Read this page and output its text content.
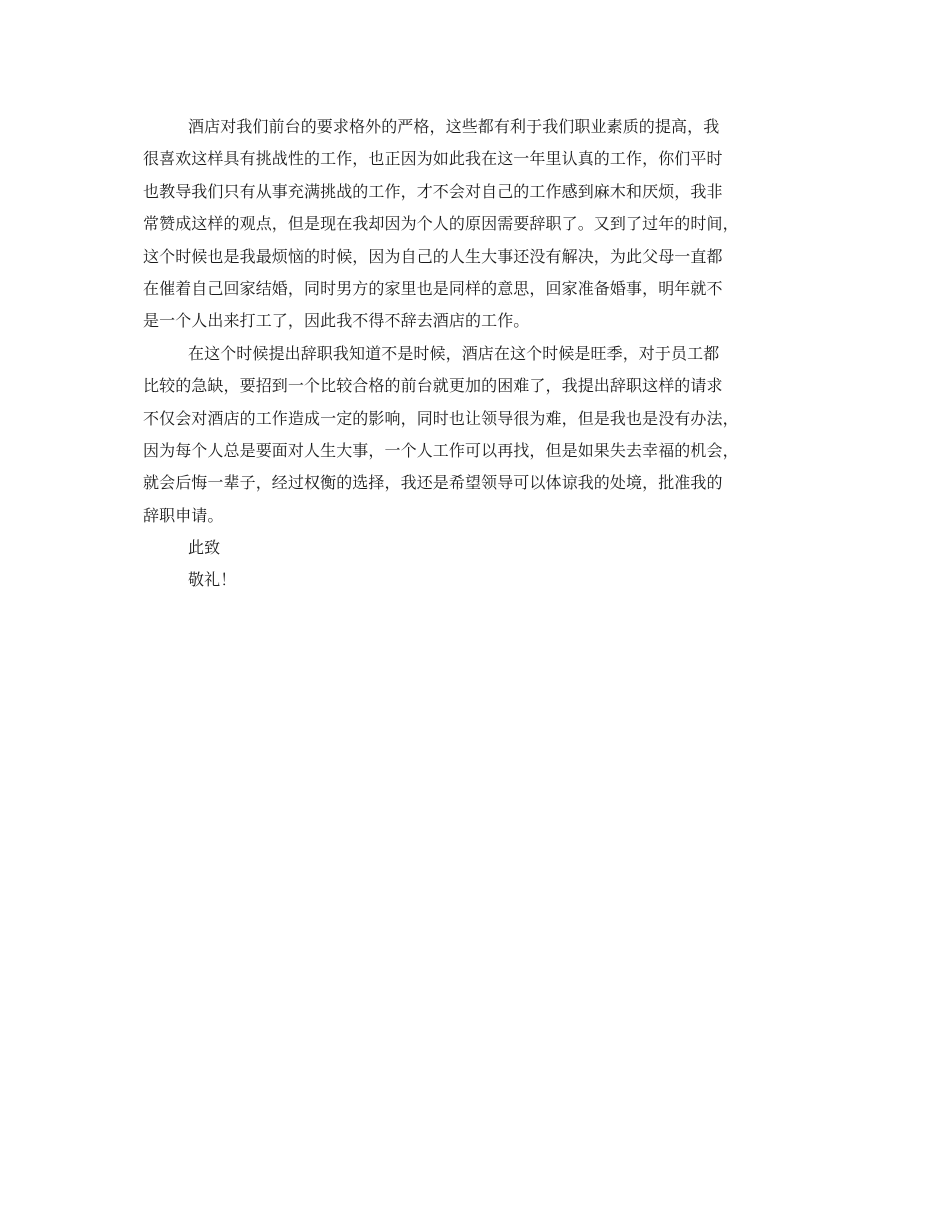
酒店对我们前台的要求格外的严格，这些都有利于我们职业素质的提高，我
很喜欢这样具有挑战性的工作，也正因为如此我在这一年里认真的工作，你们平时
也教导我们只有从事充满挑战的工作，才不会对自己的工作感到麻木和厌烦，我非
常赞成这样的观点，但是现在我却因为个人的原因需要辞职了。又到了过年的时间，
这个时候也是我最烦恼的时候，因为自己的人生大事还没有解决，为此父母一直都
在催着自己回家结婚，同时男方的家里也是同样的意思，回家准备婚事，明年就不
是一个人出来打工了，因此我不得不辞去酒店的工作。
在这个时候提出辞职我知道不是时候，酒店在这个时候是旺季，对于员工都
比较的急缺，要招到一个比较合格的前台就更加的困难了，我提出辞职这样的请求
不仅会对酒店的工作造成一定的影响，同时也让领导很为难，但是我也是没有办法，
因为每个人总是要面对人生大事，一个人工作可以再找，但是如果失去幸福的机会，
就会后悔一辈子，经过权衡的选择，我还是希望领导可以体谅我的处境，批准我的
辞职申请。
此致
敬礼！
